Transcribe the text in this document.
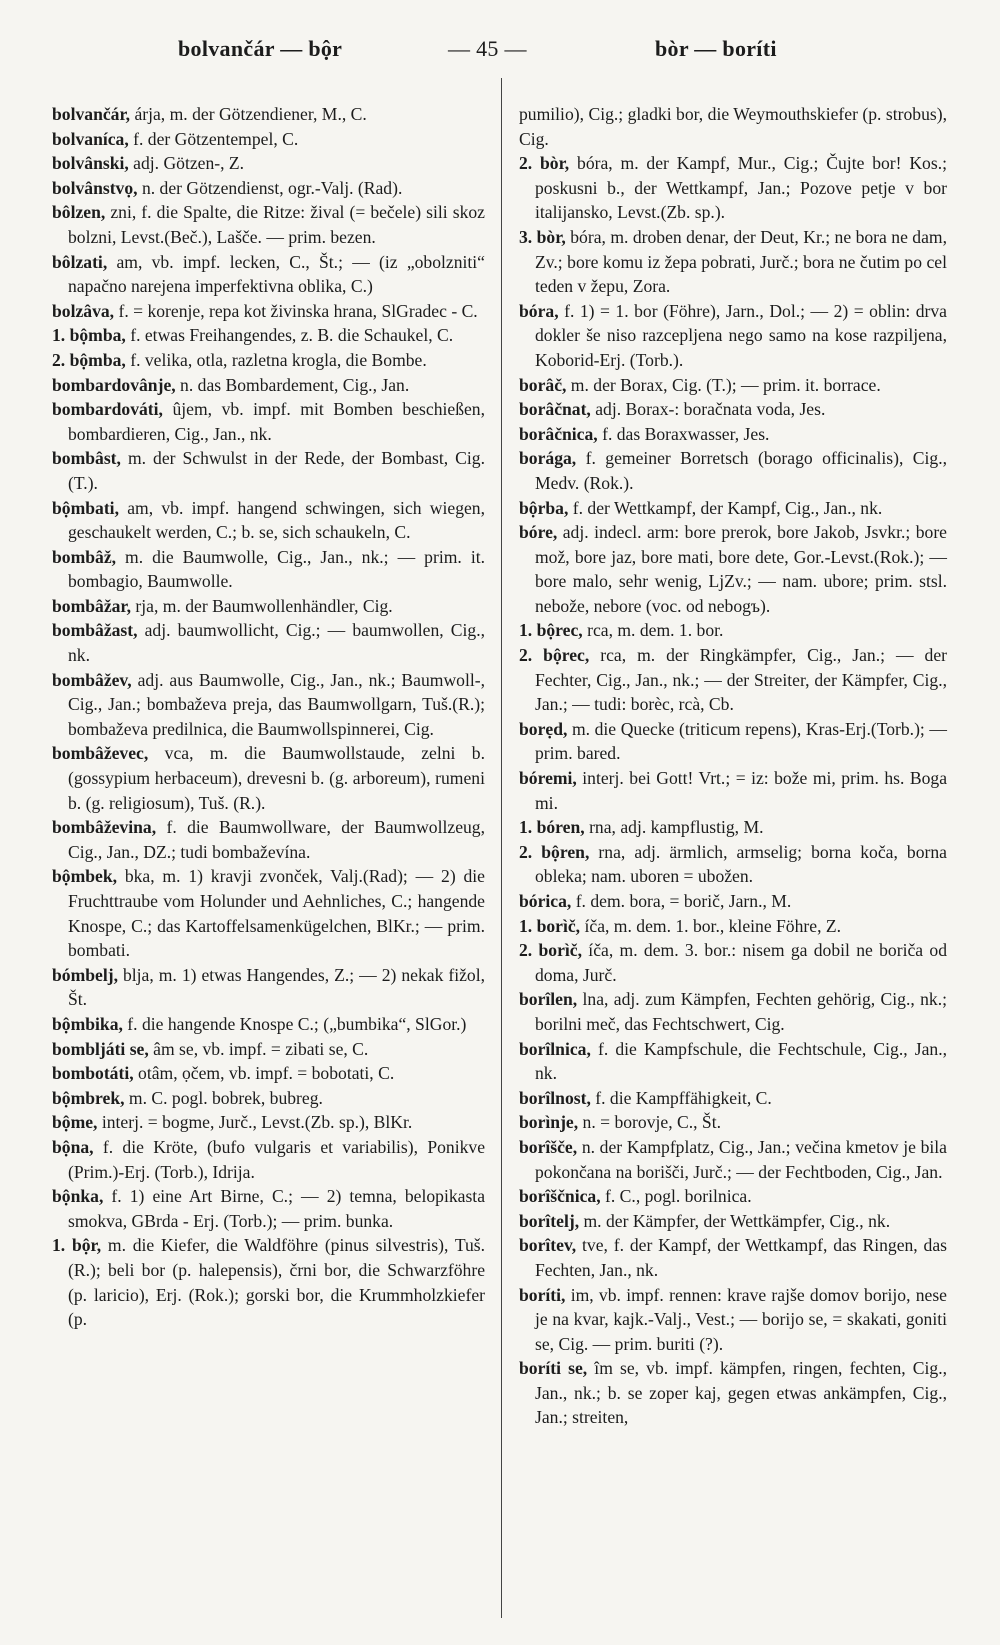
bolvančár — bộr	— 45 —	bòr — boríti
bolvančár, árja, m. der Götzendiener, M., C.
bolvaníca, f. der Götzentempel, C.
bolvânski, adj. Götzen-, Z.
bolvânstvọ, n. der Götzendienst, ogr.-Valj. (Rad).
bôlzen, zni, f. die Spalte, die Ritze: žival (= bečele) sili skoz bolzni, Levst.(Beč.), Lašče. — prim. bezen.
bôlzati, am, vb. impf. lecken, C., Št.; — (iz „obolzniti“ napačno narejena imperfektivna oblika, C.)
bolzâva, f. = korenje, repa kot živinska hrana, SlGradec - C.
1. bộmba, f. etwas Freihangendes, z. B. die Schaukel, C.
2. bộmba, f. velika, otla, razletna krogla, die Bombe.
bombardovânje, n. das Bombardement, Cig., Jan.
bombardováti, ûjem, vb. impf. mit Bomben beschießen, bombardieren, Cig., Jan., nk.
bombâst, m. der Schwulst in der Rede, der Bombast, Cig. (T.).
bộmbati, am, vb. impf. hangend schwingen, sich wiegen, geschaukelt werden, C.; b. se, sich schaukeln, C.
bombâž, m. die Baumwolle, Cig., Jan., nk.; — prim. it. bombagio, Baumwolle.
bombâžar, rja, m. der Baumwollenhändler, Cig.
bombâžast, adj. baumwollicht, Cig.; — baumwollen, Cig., nk.
bombâžev, adj. aus Baumwolle, Cig., Jan., nk.; Baumwoll-, Cig., Jan.; bombaževa preja, das Baumwollgarn, Tuš.(R.); bombaževa predilnica, die Baumwollspinnerei, Cig.
bombâževec, vca, m. die Baumwollstaude, zelni b. (gossypium herbaceum), drevesni b. (g. arboreum), rumeni b. (g. religiosum), Tuš. (R.).
bombâževina, f. die Baumwollware, der Baumwollzeug, Cig., Jan., DZ.; tudi bombaževína.
bộmbek, bka, m. 1) kravji zvonček, Valj.(Rad); — 2) die Fruchttraube vom Holunder und Aehnliches, C.; hangende Knospe, C.; das Kartoffelsamenkügelchen, BlKr.; — prim. bombati.
bómbelj, blja, m. 1) etwas Hangendes, Z.; — 2) nekak fižol, Št.
bộmbika, f. die hangende Knospe C.; („bumbika“, SlGor.)
bombljáti se, âm se, vb. impf. = zibati se, C.
bombotáti, otâm, ọčem, vb. impf. = bobotati, C.
bộmbrek, m. C. pogl. bobrek, bubreg.
bộme, interj. = bogme, Jurč., Levst.(Zb. sp.), BlKr.
bộna, f. die Kröte, (bufo vulgaris et variabilis), Ponikve (Prim.)-Erj. (Torb.), Idrija.
bộnka, f. 1) eine Art Birne, C.; — 2) temna, belopikasta smokva, GBrda - Erj. (Torb.); — prim. bunka.
1. bộr, m. die Kiefer, die Waldföhre (pinus silvestris), Tuš. (R.); beli bor (p. halepensis), črni bor, die Schwarzföhre (p. laricio), Erj. (Rok.); gorski bor, die Krummholzkiefer (p.
pumilio), Cig.; gladki bor, die Weymouthskiefer (p. strobus), Cig.
2. bòr, bóra, m. der Kampf, Mur., Cig.; Čujte bor! Kos.; poskusni b., der Wettkampf, Jan.; Pozove petje v bor italijansko, Levst.(Zb. sp.).
3. bòr, bóra, m. droben denar, der Deut, Kr.; ne bora ne dam, Zv.; bore komu iz žepa pobrati, Jurč.; bora ne čutim po cel teden v žepu, Zora.
bóra, f. 1) = 1. bor (Föhre), Jarn., Dol.; — 2) = oblin: drva dokler še niso razcepljena nego samo na kose razpiljena, Koborid-Erj. (Torb.).
borâč, m. der Borax, Cig. (T.); — prim. it. borrace.
borâčnat, adj. Borax-: boračnata voda, Jes.
borâčnica, f. das Boraxwasser, Jes.
borága, f. gemeiner Borretsch (borago officinalis), Cig., Medv. (Rok.).
bộrba, f. der Wettkampf, der Kampf, Cig., Jan., nk.
bóre, adj. indecl. arm: bore prerok, bore Jakob, Jsvkr.; bore mož, bore jaz, bore mati, bore dete, Gor.-Levst.(Rok.); — bore malo, sehr wenig, LjZv.; — nam. ubore; prim. stsl. nebože, nebore (voc. od nebogъ).
1. bộrec, rca, m. dem. 1. bor.
2. bộrec, rca, m. der Ringkämpfer, Cig., Jan.; — der Fechter, Cig., Jan., nk.; — der Streiter, der Kämpfer, Cig., Jan.; — tudi: borèc, rcà, Cb.
borẹd, m. die Quecke (triticum repens), Kras-Erj.(Torb.); — prim. bared.
bóremi, interj. bei Gott! Vrt.; = iz: bože mi, prim. hs. Boga mi.
1. bóren, rna, adj. kampflustig, M.
2. bộren, rna, adj. ärmlich, armselig; borna koča, borna obleka; nam. uboren = ubožen.
bórica, f. dem. bora, = borič, Jarn., M.
1. borìč, íča, m. dem. 1. bor., kleine Föhre, Z.
2. borìč, íča, m. dem. 3. bor.: nisem ga dobil ne boriča od doma, Jurč.
borîlen, lna, adj. zum Kämpfen, Fechten gehörig, Cig., nk.; borilni meč, das Fechtschwert, Cig.
borîlnica, f. die Kampfschule, die Fechtschule, Cig., Jan., nk.
borîlnost, f. die Kampffähigkeit, C.
borìnje, n. = borovje, C., Št.
borîšče, n. der Kampfplatz, Cig., Jan.; večina kmetov je bila pokončana na borišči, Jurč.; — der Fechtboden, Cig., Jan.
borîščnica, f. C., pogl. borilnica.
borîtelj, m. der Kämpfer, der Wettkämpfer, Cig., nk.
borîtev, tve, f. der Kampf, der Wettkampf, das Ringen, das Fechten, Jan., nk.
boríti, im, vb. impf. rennen: krave rajše domov borijo, nese je na kvar, kajk.-Valj., Vest.; — borijo se, = skakati, goniti se, Cig. — prim. buriti (?).
boríti se, îm se, vb. impf. kämpfen, ringen, fechten, Cig., Jan., nk.; b. se zoper kaj, gegen etwas ankämpfen, Cig., Jan.; streiten,
